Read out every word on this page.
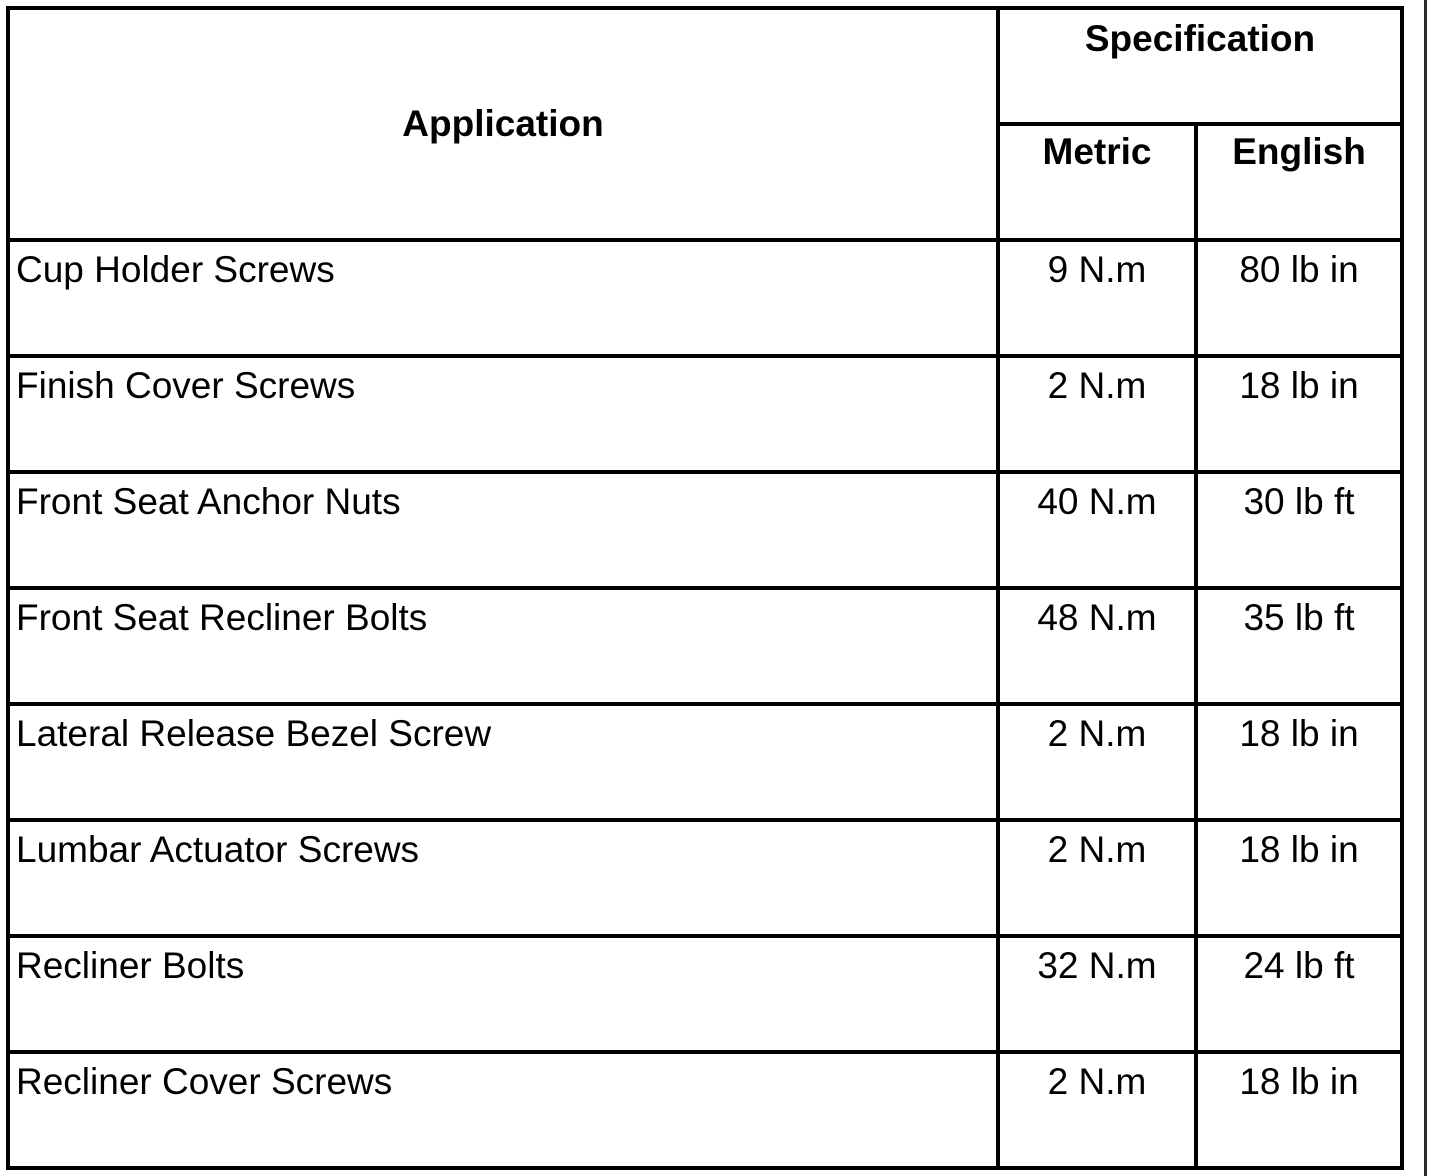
Application	Specification	
	Metric	English
Cup Holder Screws	9 N.m	80 lb in
Finish Cover Screws	2 N.m	18 lb in
Front Seat Anchor Nuts	40 N.m	30 lb ft
Front Seat Recliner Bolts	48 N.m	35 lb ft
Lateral Release Bezel Screw	2 N.m	18 lb in
Lumbar Actuator Screws	2 N.m	18 lb in
Recliner Bolts	32 N.m	24 lb ft
Recliner Cover Screws	2 N.m	18 lb in
